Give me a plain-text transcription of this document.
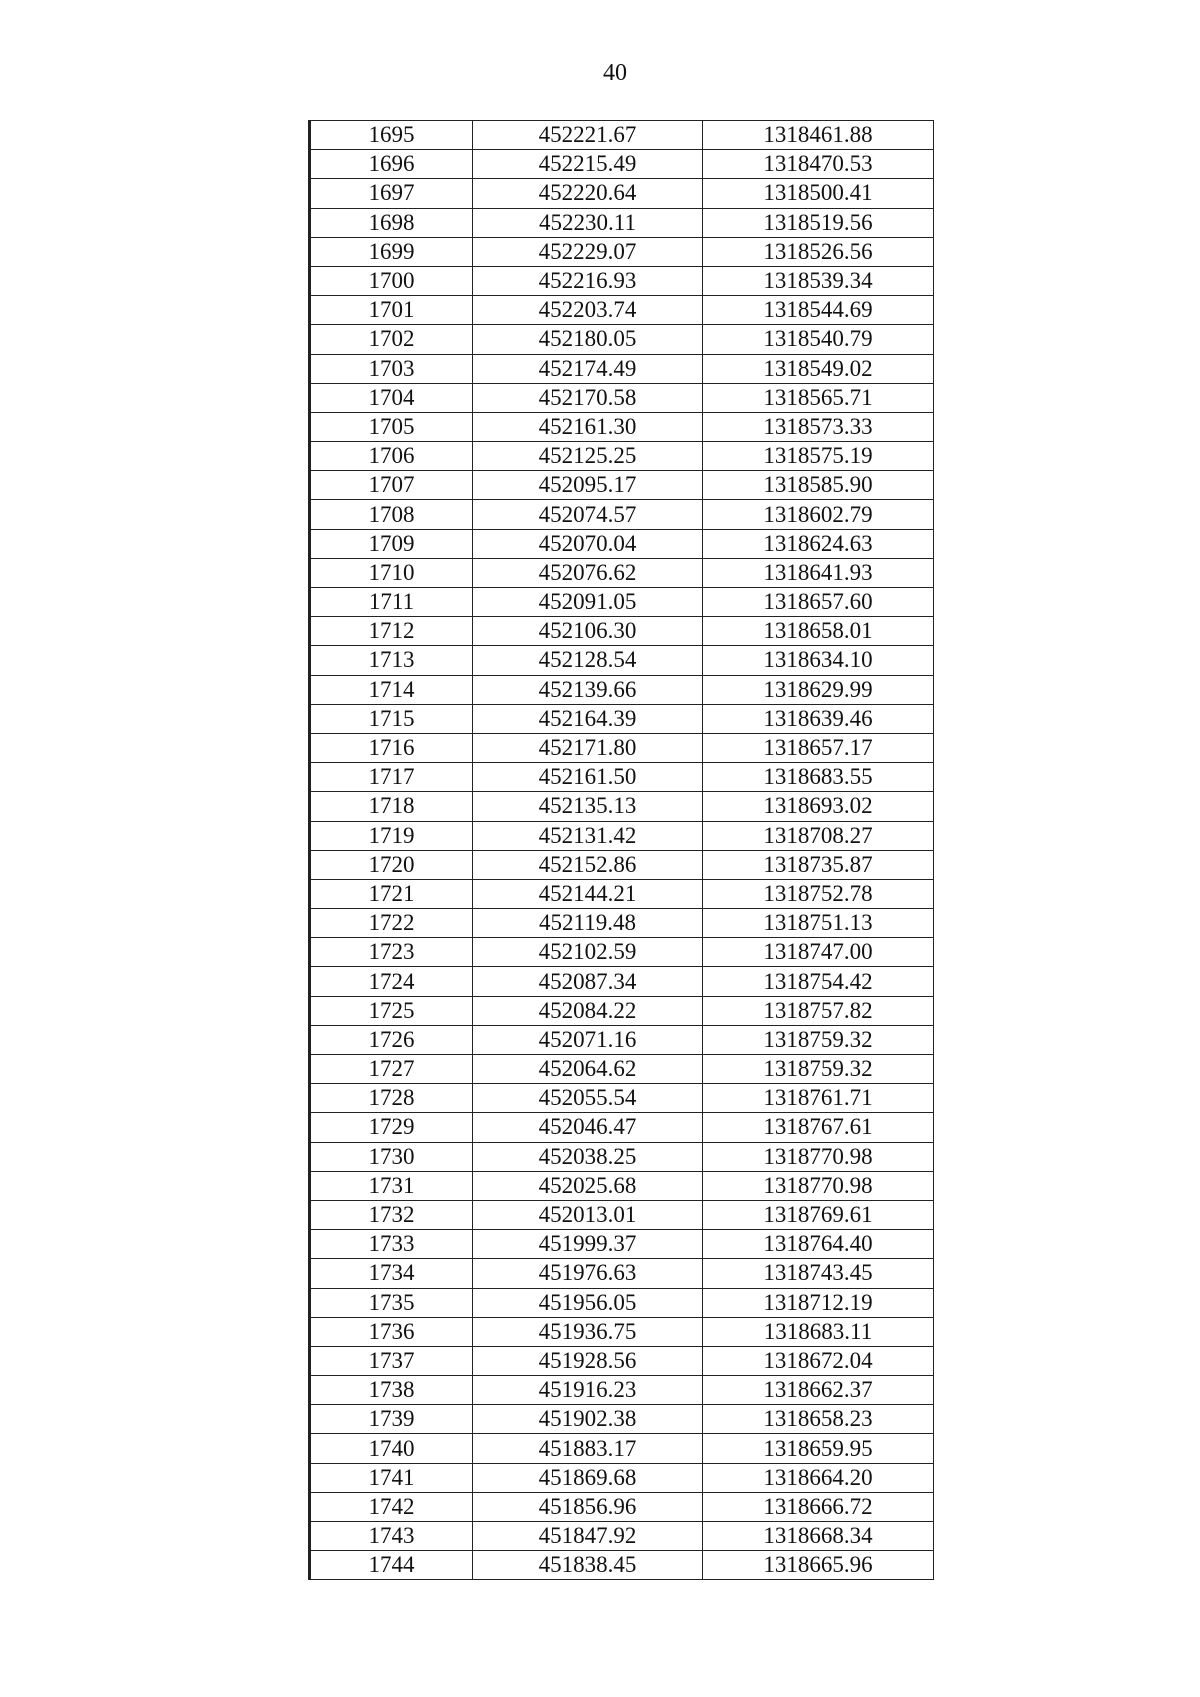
40
1695	452221.67	1318461.88
1696	452215.49	1318470.53
1697	452220.64	1318500.41
1698	452230.11	1318519.56
1699	452229.07	1318526.56
1700	452216.93	1318539.34
1701	452203.74	1318544.69
1702	452180.05	1318540.79
1703	452174.49	1318549.02
1704	452170.58	1318565.71
1705	452161.30	1318573.33
1706	452125.25	1318575.19
1707	452095.17	1318585.90
1708	452074.57	1318602.79
1709	452070.04	1318624.63
1710	452076.62	1318641.93
1711	452091.05	1318657.60
1712	452106.30	1318658.01
1713	452128.54	1318634.10
1714	452139.66	1318629.99
1715	452164.39	1318639.46
1716	452171.80	1318657.17
1717	452161.50	1318683.55
1718	452135.13	1318693.02
1719	452131.42	1318708.27
1720	452152.86	1318735.87
1721	452144.21	1318752.78
1722	452119.48	1318751.13
1723	452102.59	1318747.00
1724	452087.34	1318754.42
1725	452084.22	1318757.82
1726	452071.16	1318759.32
1727	452064.62	1318759.32
1728	452055.54	1318761.71
1729	452046.47	1318767.61
1730	452038.25	1318770.98
1731	452025.68	1318770.98
1732	452013.01	1318769.61
1733	451999.37	1318764.40
1734	451976.63	1318743.45
1735	451956.05	1318712.19
1736	451936.75	1318683.11
1737	451928.56	1318672.04
1738	451916.23	1318662.37
1739	451902.38	1318658.23
1740	451883.17	1318659.95
1741	451869.68	1318664.20
1742	451856.96	1318666.72
1743	451847.92	1318668.34
1744	451838.45	1318665.96
